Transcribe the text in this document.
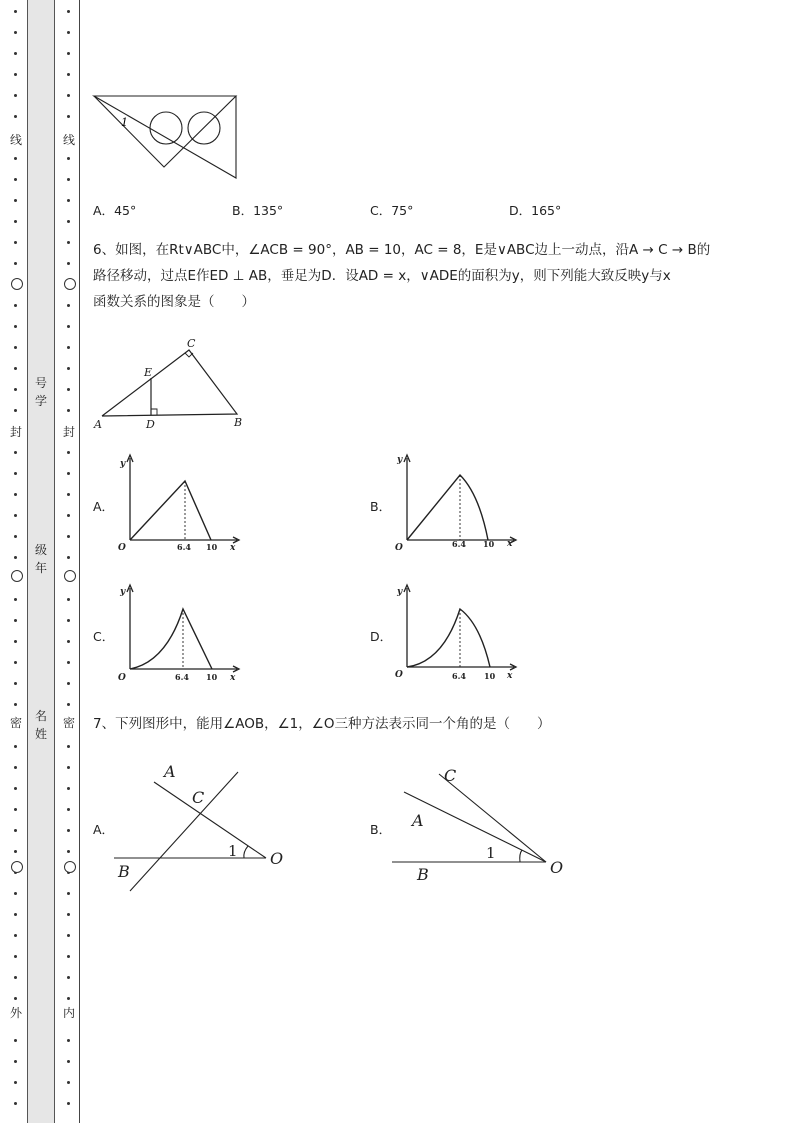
线
封
密
外
线
封
密
内
号
学
级
年
名
姓
1
A．45°	B．135°	C．75°	D．165°
6、如图，在Rt∨ABC中，∠ACB = 90°，AB = 10，AC = 8，E是∨ABC边上一动点，沿A → C → B的
路径移动，过点E作ED ⊥ AB，垂足为D．设AD = x，∨ADE的面积为y，则下列能大致反映y与x
函数关系的图象是（　　）
A	B
C
D
E
A．
y
x
O	6.4 10
B．
y
x
O	6.4 10
C．
y
x
O	6.4 10
D．
y
x
O	6.4 10
7、下列图形中，能用∠AOB，∠1，∠O三种方法表示同一个角的是（　　）
A．
A
C
B
O
1
B．
C
A
B	O
1
